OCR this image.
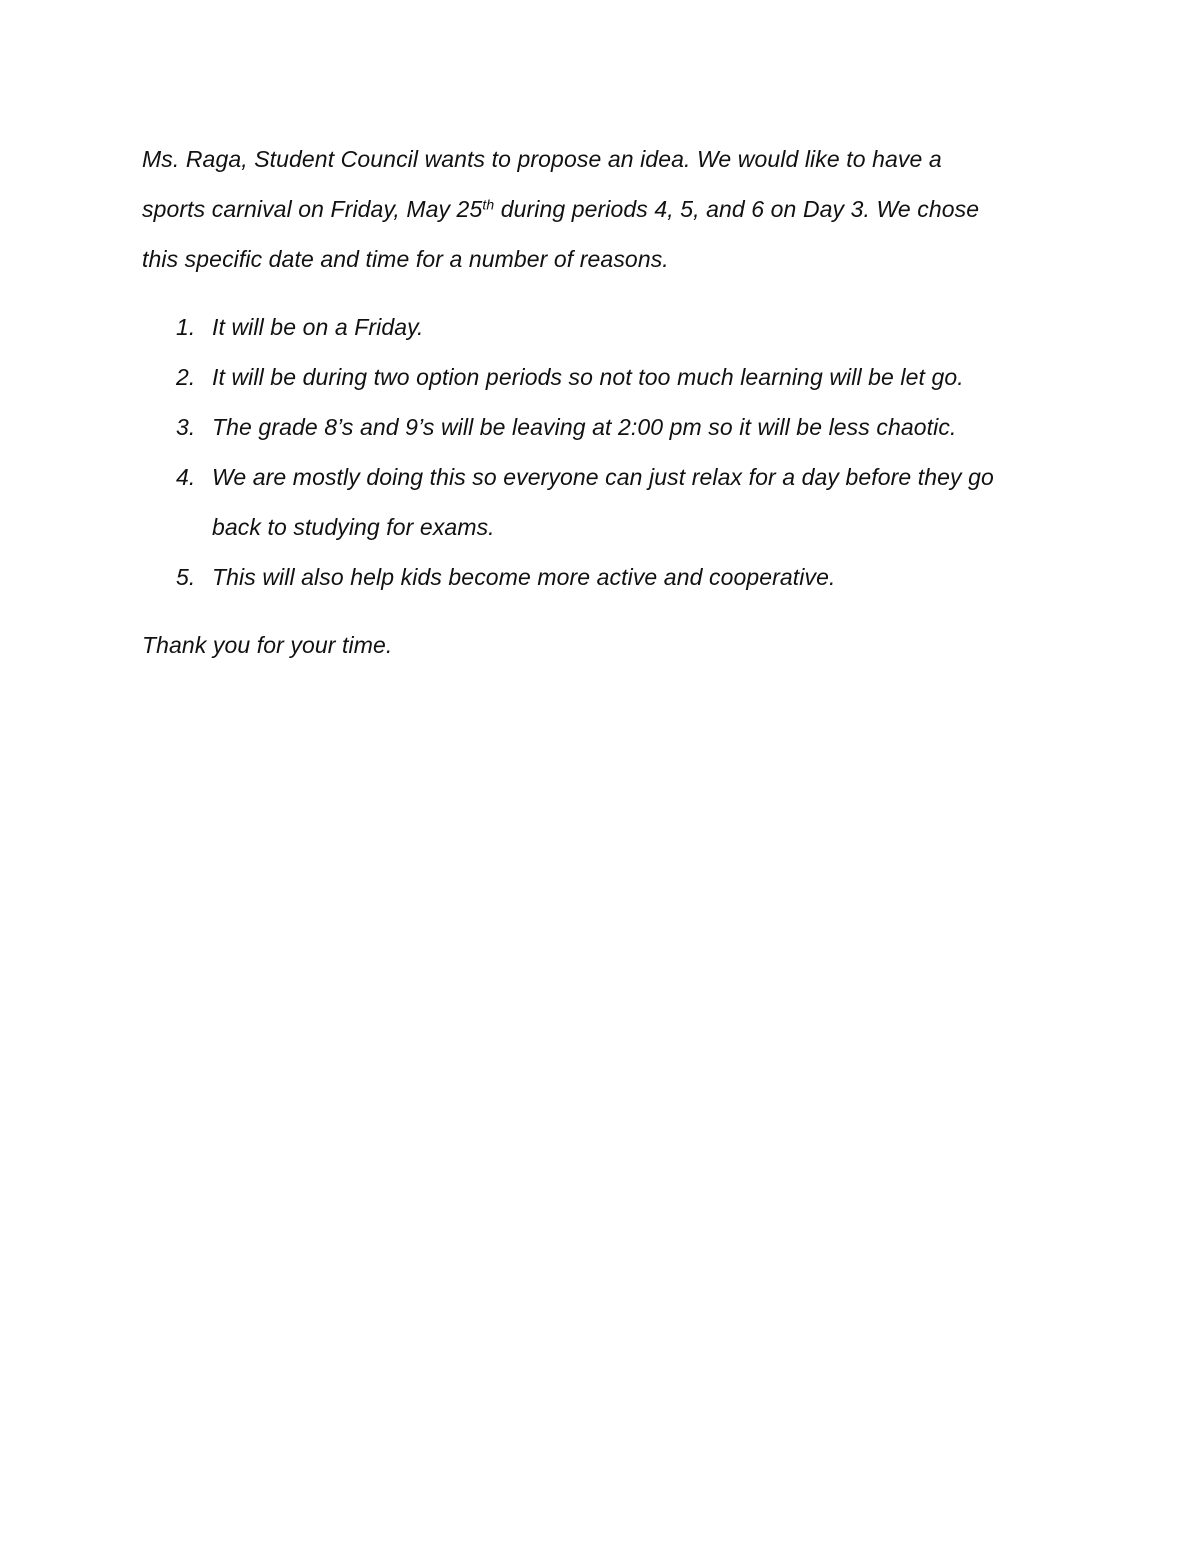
Ms. Raga, Student Council wants to propose an idea. We would like to have a
sports carnival on Friday, May 25th during periods 4, 5, and 6 on Day 3. We chose
this specific date and time for a number of reasons.

1. It will be on a Friday.
2. It will be during two option periods so not too much learning will be let go.
3. The grade 8’s and 9’s will be leaving at 2:00 pm so it will be less chaotic.
4. We are mostly doing this so everyone can just relax for a day before they go
back to studying for exams.
5. This will also help kids become more active and cooperative.

Thank you for your time.
